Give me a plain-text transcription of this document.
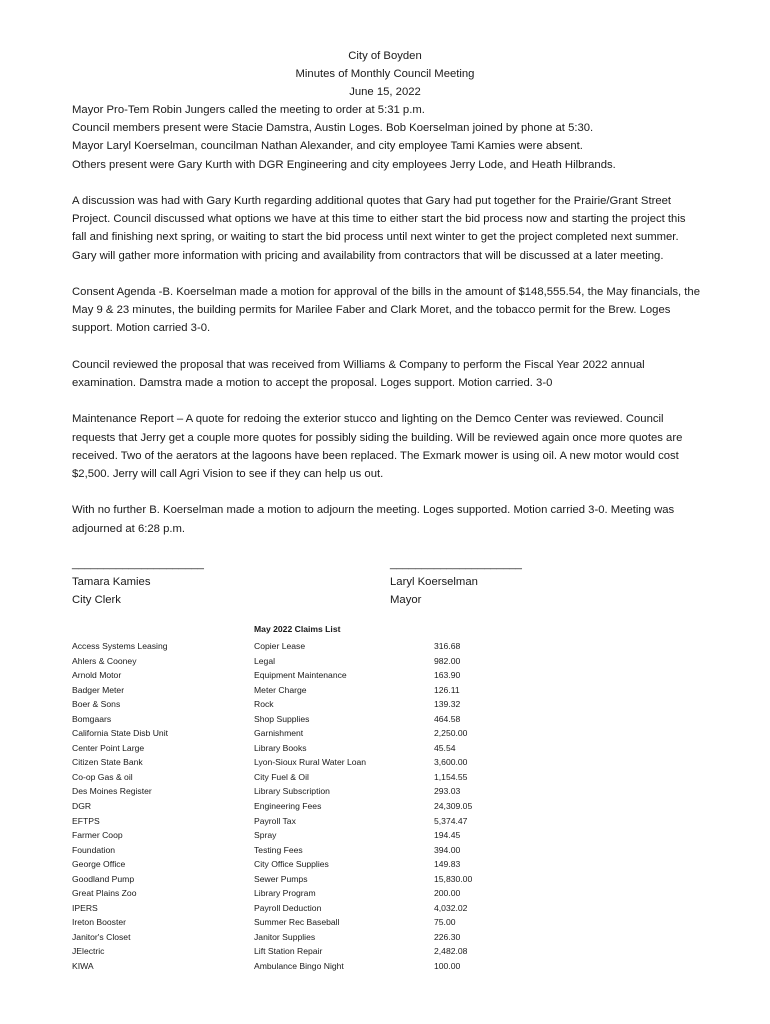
City of Boyden
Minutes of Monthly Council Meeting
June 15, 2022
Mayor Pro-Tem Robin Jungers called the meeting to order at 5:31 p.m.
Council members present were Stacie Damstra, Austin Loges. Bob Koerselman joined by phone at 5:30.
Mayor Laryl Koerselman, councilman Nathan Alexander, and city employee Tami Kamies were absent.
Others present were Gary Kurth with DGR Engineering and city employees Jerry Lode, and Heath Hilbrands.
A discussion was had with Gary Kurth regarding additional quotes that Gary had put together for the Prairie/Grant Street
Project. Council discussed what options we have at this time to either start the bid process now and starting the project this
fall and finishing next spring, or waiting to start the bid process until next winter to get the project completed next summer.
Gary will gather more information with pricing and availability from contractors that will be discussed at a later meeting.
Consent Agenda -B. Koerselman made a motion for approval of the bills in the amount of $148,555.54, the May financials, the
May 9 & 23 minutes, the building permits for Marilee Faber and Clark Moret, and the tobacco permit for the Brew. Loges
support. Motion carried 3-0.
Council reviewed the proposal that was received from Williams & Company to perform the Fiscal Year 2022 annual
examination. Damstra made a motion to accept the proposal. Loges support. Motion carried. 3-0
Maintenance Report – A quote for redoing the exterior stucco and lighting on the Demco Center was reviewed. Council
requests that Jerry get a couple more quotes for possibly siding the building. Will be reviewed again once more quotes are
received. Two of the aerators at the lagoons have been replaced. The Exmark mower is using oil. A new motor would cost
$2,500. Jerry will call Agri Vision to see if they can help us out.
With no further B. Koerselman made a motion to adjourn the meeting. Loges supported. Motion carried 3-0. Meeting was
adjourned at 6:28 p.m.
_____________________
Tamara Kamies
City Clerk
_____________________
Laryl Koerselman
Mayor
May 2022 Claims List
Access Systems Leasing	Copier Lease	316.68
Ahlers & Cooney	Legal	982.00
Arnold Motor	Equipment Maintenance	163.90
Badger Meter	Meter Charge	126.11
Boer & Sons	Rock	139.32
Bomgaars	Shop Supplies	464.58
California State Disb Unit	Garnishment	2,250.00
Center Point Large	Library Books	45.54
Citizen State Bank	Lyon-Sioux Rural Water Loan	3,600.00
Co-op Gas & oil	City Fuel & Oil	1,154.55
Des Moines Register	Library Subscription	293.03
DGR	Engineering Fees	24,309.05
EFTPS	Payroll Tax	5,374.47
Farmer Coop	Spray	194.45
Foundation	Testing Fees	394.00
George Office	City Office Supplies	149.83
Goodland Pump	Sewer Pumps	15,830.00
Great Plains Zoo	Library Program	200.00
IPERS	Payroll Deduction	4,032.02
Ireton Booster	Summer Rec Baseball	75.00
Janitor's Closet	Janitor Supplies	226.30
JElectric	Lift Station Repair	2,482.08
KIWA	Ambulance Bingo Night	100.00
